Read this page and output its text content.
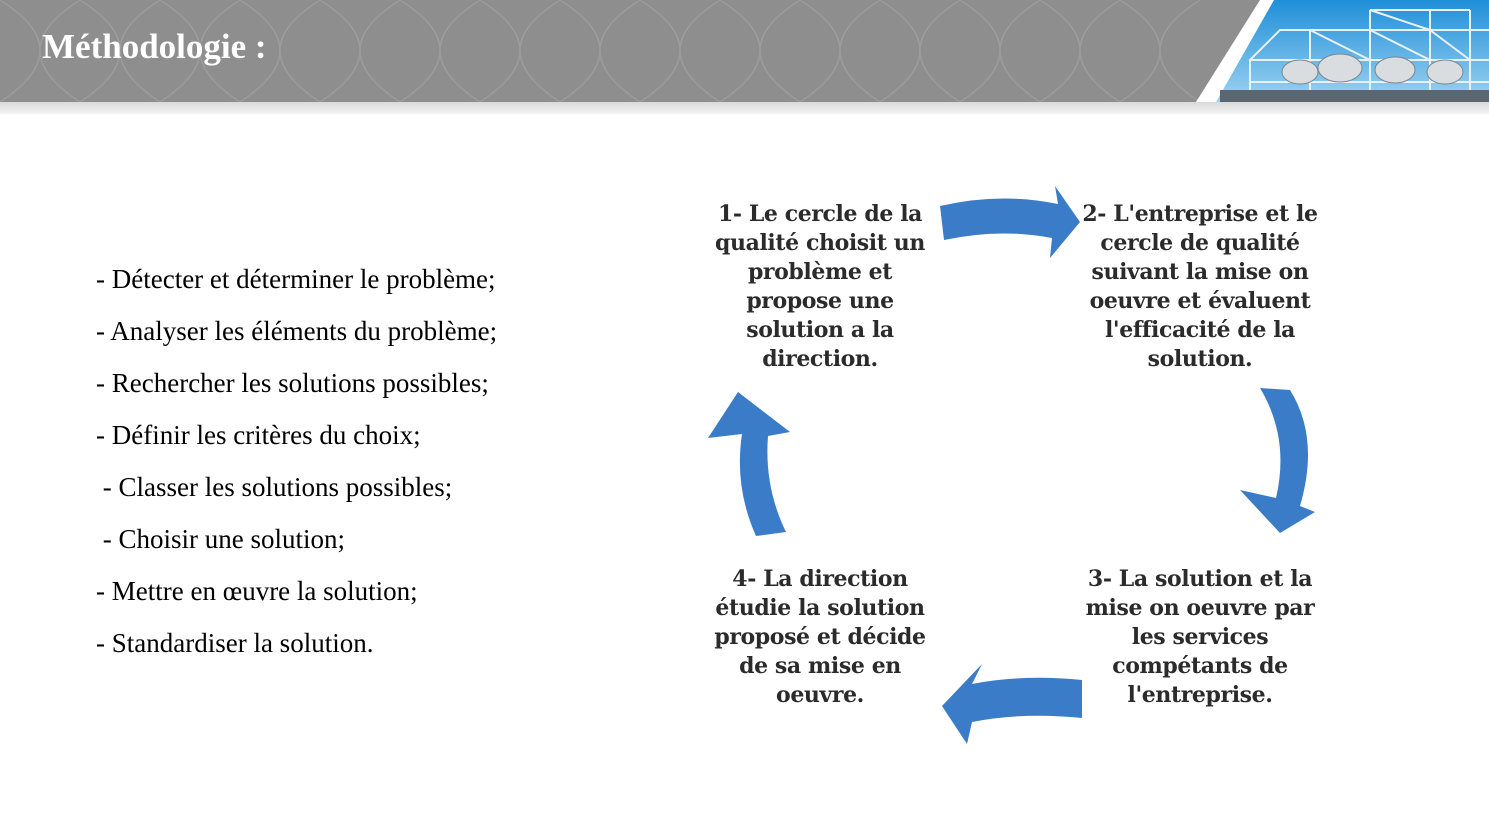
Méthodologie :
- Détecter et déterminer le problème;
- Analyser les éléments du problème;
- Rechercher les solutions possibles;
- Définir les critères du choix;
- Classer les solutions possibles;
- Choisir une solution;
- Mettre en œuvre la solution;
- Standardiser la solution.

1- Le cercle de la
qualité choisit un
problème et
propose une
solution a la
direction.

2- L'entreprise et le
cercle de qualité
suivant la mise on
oeuvre et évaluent
l'efficacité de la
solution.

3- La solution et la
mise on oeuvre par
les services
compétants de
l'entreprise.

4- La direction
étudie la solution
proposé et décide
de sa mise en
oeuvre.
